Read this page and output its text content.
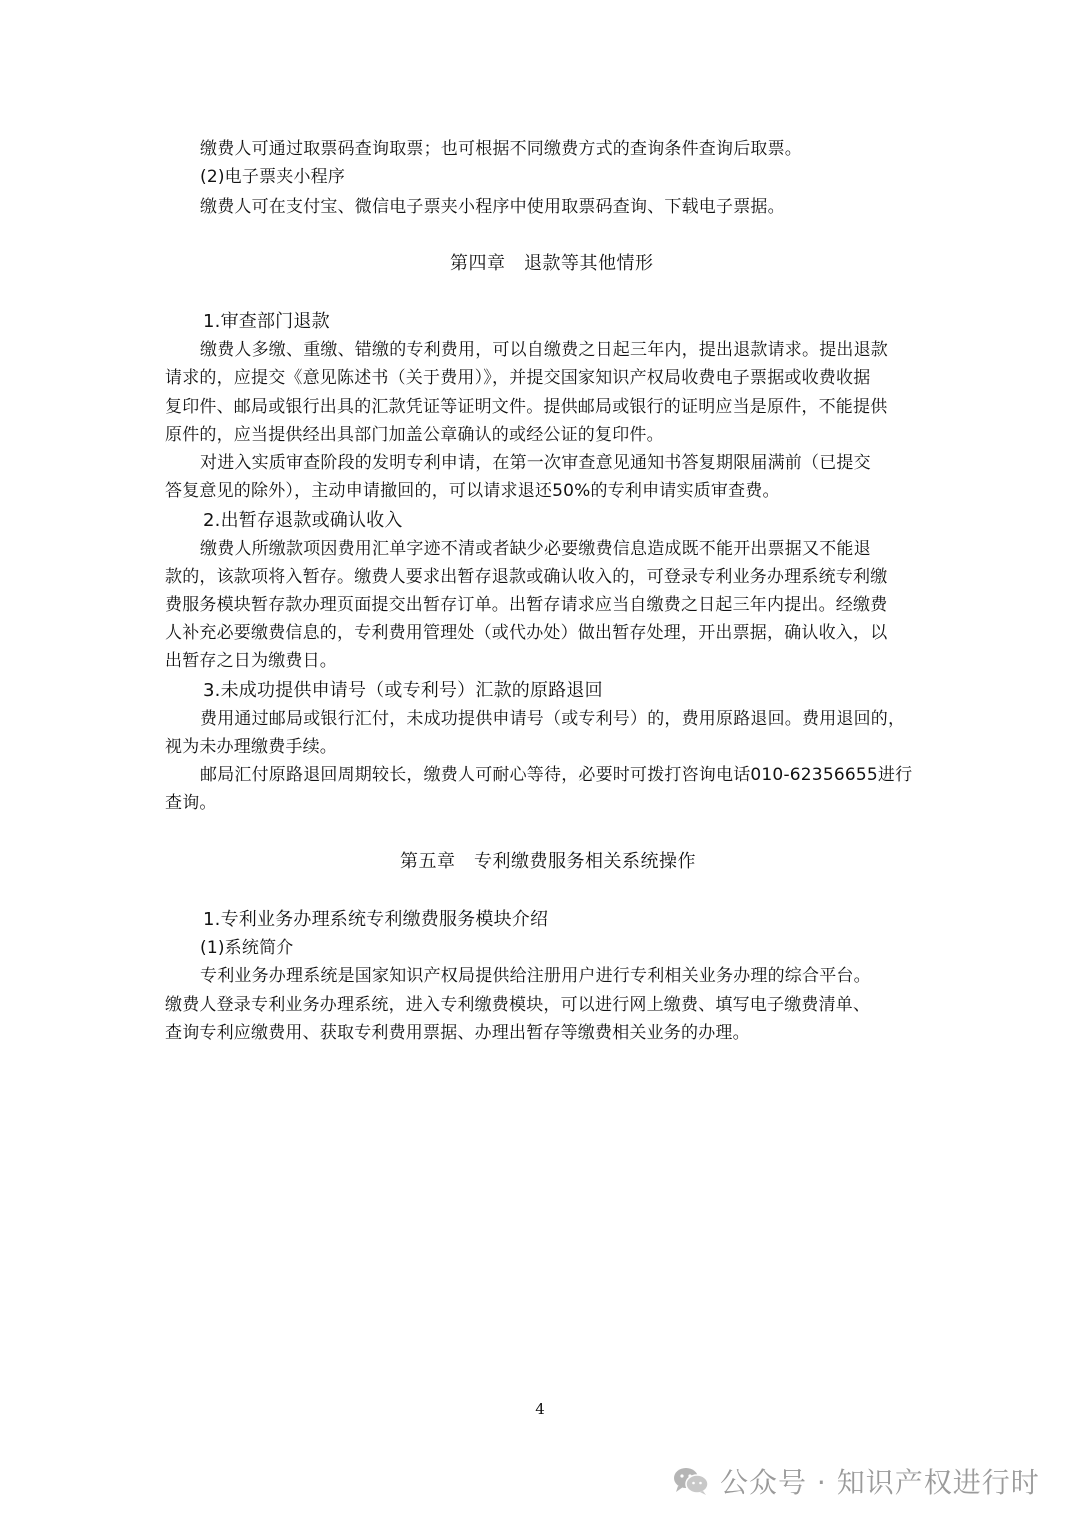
缴费人可通过取票码查询取票；也可根据不同缴费方式的查询条件查询后取票。
(2)电子票夹小程序
缴费人可在支付宝、微信电子票夹小程序中使用取票码查询、下载电子票据。
第四章　退款等其他情形
1.审查部门退款
缴费人多缴、重缴、错缴的专利费用，可以自缴费之日起三年内，提出退款请求。提出退款
请求的，应提交《意见陈述书（关于费用）》，并提交国家知识产权局收费电子票据或收费收据
复印件、邮局或银行出具的汇款凭证等证明文件。提供邮局或银行的证明应当是原件，不能提供
原件的，应当提供经出具部门加盖公章确认的或经公证的复印件。
对进入实质审查阶段的发明专利申请，在第一次审查意见通知书答复期限届满前（已提交
答复意见的除外），主动申请撤回的，可以请求退还50%的专利申请实质审查费。
2.出暂存退款或确认收入
缴费人所缴款项因费用汇单字迹不清或者缺少必要缴费信息造成既不能开出票据又不能退
款的，该款项将入暂存。缴费人要求出暂存退款或确认收入的，可登录专利业务办理系统专利缴
费服务模块暂存款办理页面提交出暂存订单。出暂存请求应当自缴费之日起三年内提出。经缴费
人补充必要缴费信息的，专利费用管理处（或代办处）做出暂存处理，开出票据，确认收入，以
出暂存之日为缴费日。
3.未成功提供申请号（或专利号）汇款的原路退回
费用通过邮局或银行汇付，未成功提供申请号（或专利号）的，费用原路退回。费用退回的，
视为未办理缴费手续。
邮局汇付原路退回周期较长，缴费人可耐心等待，必要时可拨打咨询电话010-62356655进行
查询。
第五章　专利缴费服务相关系统操作
1.专利业务办理系统专利缴费服务模块介绍
(1)系统简介
专利业务办理系统是国家知识产权局提供给注册用户进行专利相关业务办理的综合平台。
缴费人登录专利业务办理系统，进入专利缴费模块，可以进行网上缴费、填写电子缴费清单、
查询专利应缴费用、获取专利费用票据、办理出暂存等缴费相关业务的办理。
4
公众号 · 知识产权进行时
